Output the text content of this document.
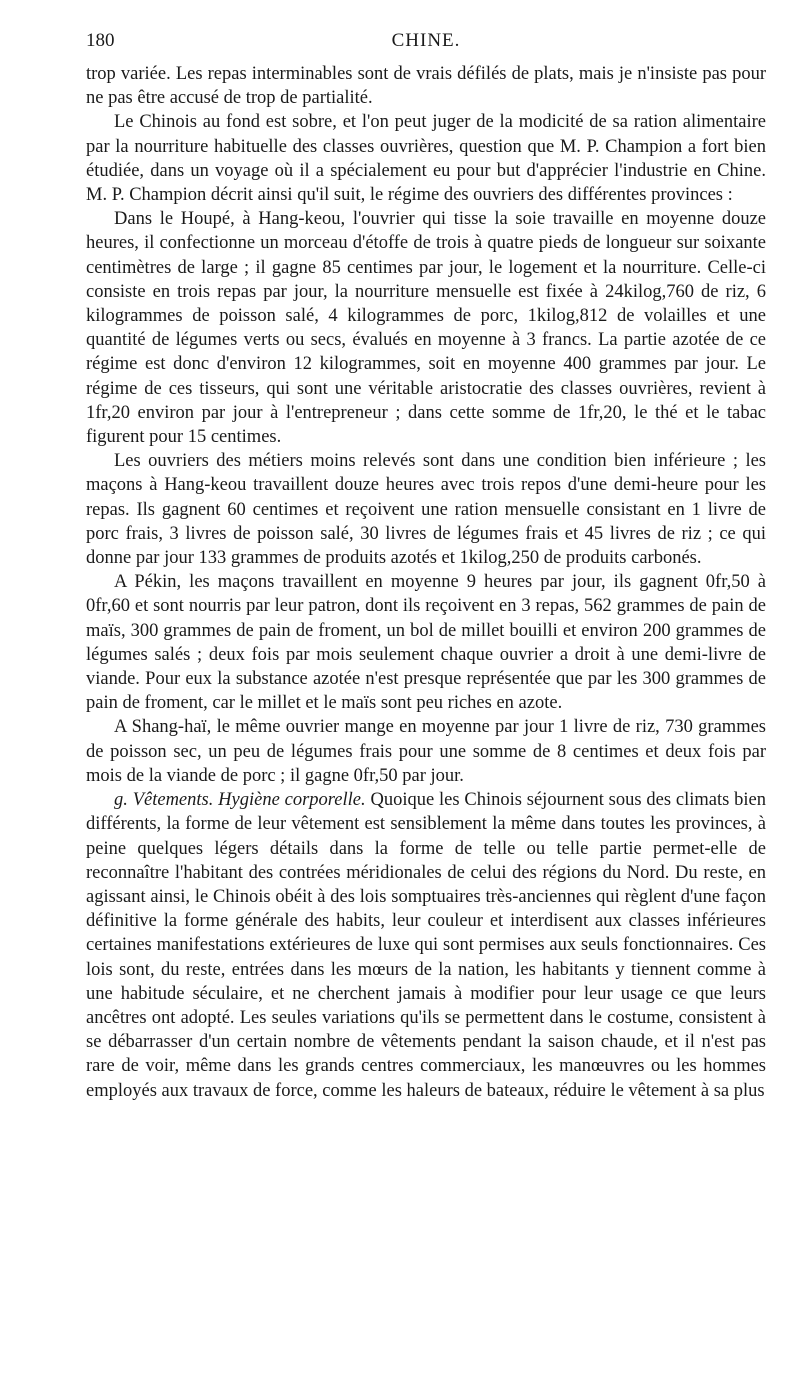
180	CHINE.

trop variée. Les repas interminables sont de vrais défilés de plats, mais je n'insiste pas pour ne pas être accusé de trop de partialité.

Le Chinois au fond est sobre, et l'on peut juger de la modicité de sa ration alimentaire par la nourriture habituelle des classes ouvrières, question que M. P. Champion a fort bien étudiée, dans un voyage où il a spécialement eu pour but d'apprécier l'industrie en Chine. M. P. Champion décrit ainsi qu'il suit, le régime des ouvriers des différentes provinces :

Dans le Houpé, à Hang-keou, l'ouvrier qui tisse la soie travaille en moyenne douze heures, il confectionne un morceau d'étoffe de trois à quatre pieds de longueur sur soixante centimètres de large ; il gagne 85 centimes par jour, le logement et la nourriture. Celle-ci consiste en trois repas par jour, la nourriture mensuelle est fixée à 24kilog,760 de riz, 6 kilogrammes de poisson salé, 4 kilogrammes de porc, 1kilog,812 de volailles et une quantité de légumes verts ou secs, évalués en moyenne à 3 francs. La partie azotée de ce régime est donc d'environ 12 kilogrammes, soit en moyenne 400 grammes par jour. Le régime de ces tisseurs, qui sont une véritable aristocratie des classes ouvrières, revient à 1fr,20 environ par jour à l'entrepreneur ; dans cette somme de 1fr,20, le thé et le tabac figurent pour 15 centimes.

Les ouvriers des métiers moins relevés sont dans une condition bien inférieure ; les maçons à Hang-keou travaillent douze heures avec trois repos d'une demi-heure pour les repas. Ils gagnent 60 centimes et reçoivent une ration mensuelle consistant en 1 livre de porc frais, 3 livres de poisson salé, 30 livres de légumes frais et 45 livres de riz ; ce qui donne par jour 133 grammes de produits azotés et 1kilog,250 de produits carbonés.

A Pékin, les maçons travaillent en moyenne 9 heures par jour, ils gagnent 0fr,50 à 0fr,60 et sont nourris par leur patron, dont ils reçoivent en 3 repas, 562 grammes de pain de maïs, 300 grammes de pain de froment, un bol de millet bouilli et environ 200 grammes de légumes salés ; deux fois par mois seulement chaque ouvrier a droit à une demi-livre de viande. Pour eux la substance azotée n'est presque représentée que par les 300 grammes de pain de froment, car le millet et le maïs sont peu riches en azote.

A Shang-haï, le même ouvrier mange en moyenne par jour 1 livre de riz, 730 grammes de poisson sec, un peu de légumes frais pour une somme de 8 centimes et deux fois par mois de la viande de porc ; il gagne 0fr,50 par jour.

g. Vêtements. Hygiène corporelle. Quoique les Chinois séjournent sous des climats bien différents, la forme de leur vêtement est sensiblement la même dans toutes les provinces, à peine quelques légers détails dans la forme de telle ou telle partie permet-elle de reconnaître l'habitant des contrées méridionales de celui des régions du Nord. Du reste, en agissant ainsi, le Chinois obéit à des lois somptuaires très-anciennes qui règlent d'une façon définitive la forme générale des habits, leur couleur et interdisent aux classes inférieures certaines manifestations extérieures de luxe qui sont permises aux seuls fonctionnaires. Ces lois sont, du reste, entrées dans les mœurs de la nation, les habitants y tiennent comme à une habitude séculaire, et ne cherchent jamais à modifier pour leur usage ce que leurs ancêtres ont adopté. Les seules variations qu'ils se permettent dans le costume, consistent à se débarrasser d'un certain nombre de vêtements pendant la saison chaude, et il n'est pas rare de voir, même dans les grands centres commerciaux, les manœuvres ou les hommes employés aux travaux de force, comme les haleurs de bateaux, réduire le vêtement à sa plus
